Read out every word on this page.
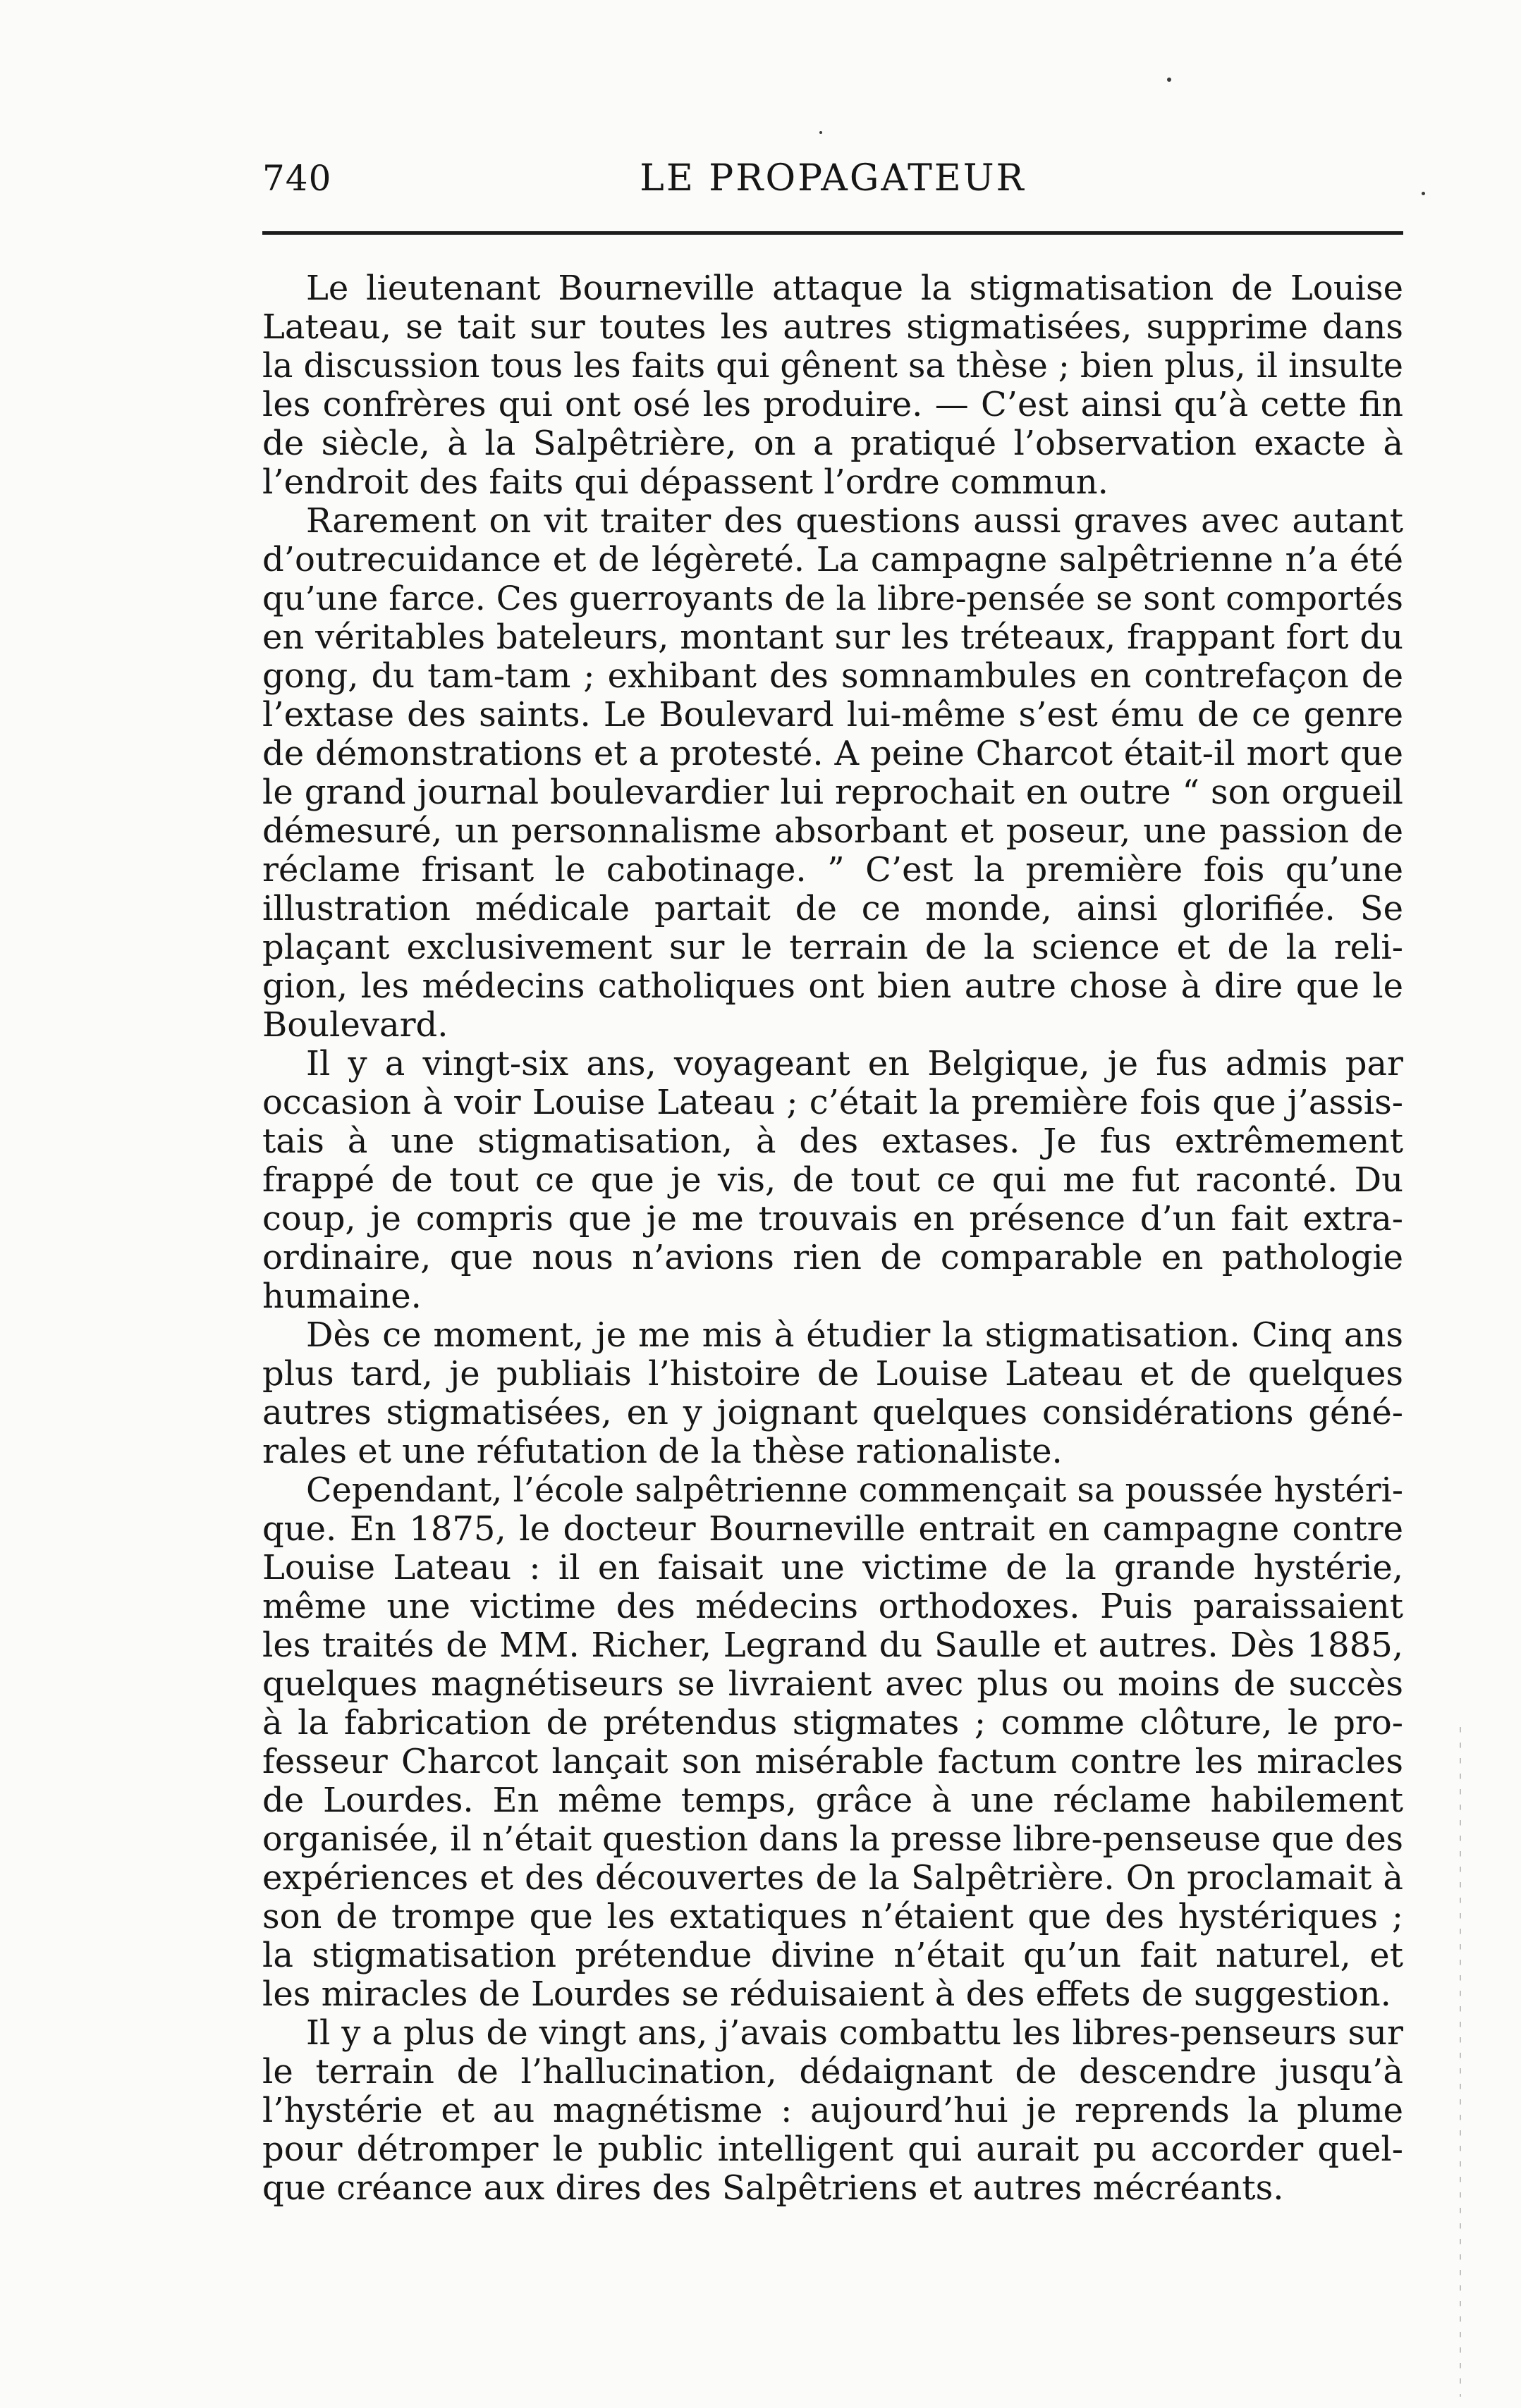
740	LE PROPAGATEUR
Le lieutenant Bourneville attaque la stigmatisation de Louise
Lateau, se tait sur toutes les autres stigmatisées, supprime dans
la discussion tous les faits qui gênent sa thèse ; bien plus, il insulte
les confrères qui ont osé les produire. — C’est ainsi qu’à cette fin
de siècle, à la Salpêtrière, on a pratiqué l’observation exacte à
l’endroit des faits qui dépassent l’ordre commun.
Rarement on vit traiter des questions aussi graves avec autant
d’outrecuidance et de légèreté. La campagne salpêtrienne n’a été
qu’une farce. Ces guerroyants de la libre-pensée se sont comportés
en véritables bateleurs, montant sur les tréteaux, frappant fort du
gong, du tam-tam ; exhibant des somnambules en contrefaçon de
l’extase des saints. Le Boulevard lui-même s’est ému de ce genre
de démonstrations et a protesté. A peine Charcot était-il mort que
le grand journal boulevardier lui reprochait en outre “ son orgueil
démesuré, un personnalisme absorbant et poseur, une passion de
réclame frisant le cabotinage. ” C’est la première fois qu’une
illustration médicale partait de ce monde, ainsi glorifiée. Se
plaçant exclusivement sur le terrain de la science et de la reli-
gion, les médecins catholiques ont bien autre chose à dire que le
Boulevard.
Il y a vingt-six ans, voyageant en Belgique, je fus admis par
occasion à voir Louise Lateau ; c’était la première fois que j’assis-
tais à une stigmatisation, à des extases. Je fus extrêmement
frappé de tout ce que je vis, de tout ce qui me fut raconté. Du
coup, je compris que je me trouvais en présence d’un fait extra-
ordinaire, que nous n’avions rien de comparable en pathologie
humaine.
Dès ce moment, je me mis à étudier la stigmatisation. Cinq ans
plus tard, je publiais l’histoire de Louise Lateau et de quelques
autres stigmatisées, en y joignant quelques considérations géné-
rales et une réfutation de la thèse rationaliste.
Cependant, l’école salpêtrienne commençait sa poussée hystéri-
que. En 1875, le docteur Bourneville entrait en campagne contre
Louise Lateau : il en faisait une victime de la grande hystérie,
même une victime des médecins orthodoxes. Puis paraissaient
les traités de MM. Richer, Legrand du Saulle et autres. Dès 1885,
quelques magnétiseurs se livraient avec plus ou moins de succès
à la fabrication de prétendus stigmates ; comme clôture, le pro-
fesseur Charcot lançait son misérable factum contre les miracles
de Lourdes. En même temps, grâce à une réclame habilement
organisée, il n’était question dans la presse libre-penseuse que des
expériences et des découvertes de la Salpêtrière. On proclamait à
son de trompe que les extatiques n’étaient que des hystériques ;
la stigmatisation prétendue divine n’était qu’un fait naturel, et
les miracles de Lourdes se réduisaient à des effets de suggestion.
Il y a plus de vingt ans, j’avais combattu les libres-penseurs sur
le terrain de l’hallucination, dédaignant de descendre jusqu’à
l’hystérie et au magnétisme : aujourd’hui je reprends la plume
pour détromper le public intelligent qui aurait pu accorder quel-
que créance aux dires des Salpêtriens et autres mécréants.
